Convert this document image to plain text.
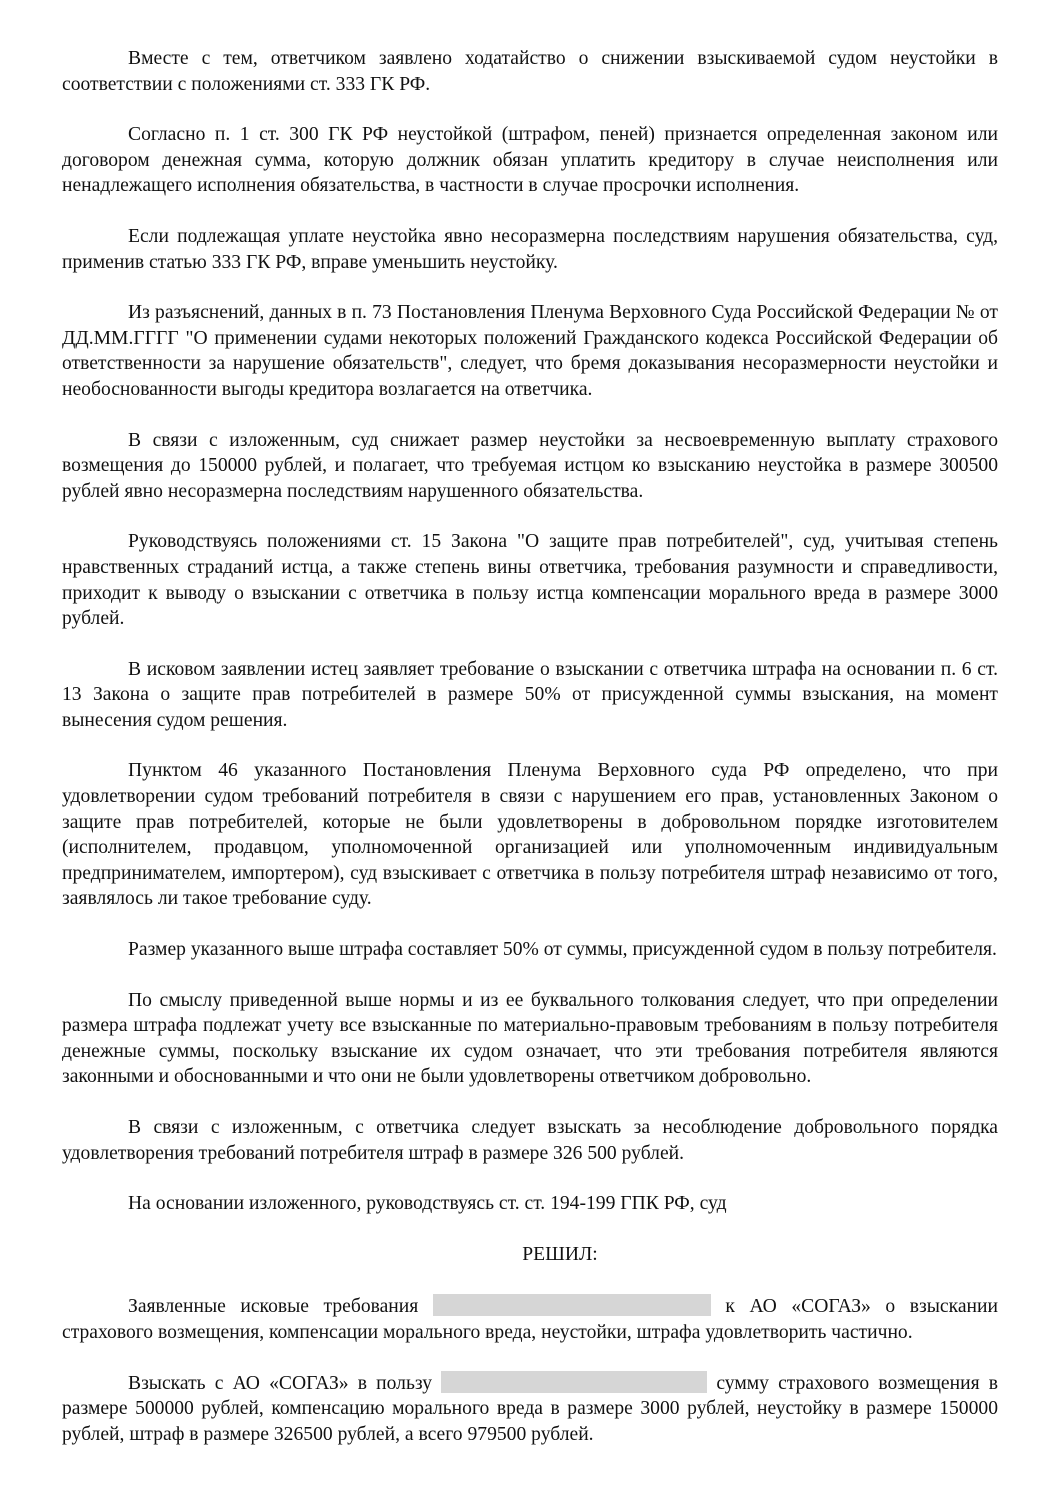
Вместе с тем, ответчиком заявлено ходатайство о снижении взыскиваемой судом неустойки в соответствии с положениями ст. 333 ГК РФ.

Согласно п. 1 ст. 300 ГК РФ неустойкой (штрафом, пеней) признается определенная законом или договором денежная сумма, которую должник обязан уплатить кредитору в случае неисполнения или ненадлежащего исполнения обязательства, в частности в случае просрочки исполнения.

Если подлежащая уплате неустойка явно несоразмерна последствиям нарушения обязательства, суд, применив статью 333 ГК РФ, вправе уменьшить неустойку.

Из разъяснений, данных в п. 73 Постановления Пленума Верховного Суда Российской Федерации № от ДД.ММ.ГГГГ "О применении судами некоторых положений Гражданского кодекса Российской Федерации об ответственности за нарушение обязательств", следует, что бремя доказывания несоразмерности неустойки и необоснованности выгоды кредитора возлагается на ответчика.

В связи с изложенным, суд снижает размер неустойки за несвоевременную выплату страхового возмещения до 150000 рублей, и полагает, что требуемая истцом ко взысканию неустойка в размере 300500 рублей явно несоразмерна последствиям нарушенного обязательства.

Руководствуясь положениями ст. 15 Закона "О защите прав потребителей", суд, учитывая степень нравственных страданий истца, а также степень вины ответчика, требования разумности и справедливости, приходит к выводу о взыскании с ответчика в пользу истца компенсации морального вреда в размере 3000 рублей.

В исковом заявлении истец заявляет требование о взыскании с ответчика штрафа на основании п. 6 ст. 13 Закона о защите прав потребителей в размере 50% от присужденной суммы взыскания, на момент вынесения судом решения.

Пунктом 46 указанного Постановления Пленума Верховного суда РФ определено, что при удовлетворении судом требований потребителя в связи с нарушением его прав, установленных Законом о защите прав потребителей, которые не были удовлетворены в добровольном порядке изготовителем (исполнителем, продавцом, уполномоченной организацией или уполномоченным индивидуальным предпринимателем, импортером), суд взыскивает с ответчика в пользу потребителя штраф независимо от того, заявлялось ли такое требование суду.

Размер указанного выше штрафа составляет 50% от суммы, присужденной судом в пользу потребителя.

По смыслу приведенной выше нормы и из ее буквального толкования следует, что при определении размера штрафа подлежат учету все взысканные по материально-правовым требованиям в пользу потребителя денежные суммы, поскольку взыскание их судом означает, что эти требования потребителя являются законными и обоснованными и что они не были удовлетворены ответчиком добровольно.

В связи с изложенным, с ответчика следует взыскать за несоблюдение добровольного порядка удовлетворения требований потребителя штраф в размере 326 500 рублей.

На основании изложенного, руководствуясь ст. ст. 194-199 ГПК РФ, суд

РЕШИЛ:

Заявленные исковые требования	к АО «СОГАЗ» о взыскании страхового возмещения, компенсации морального вреда, неустойки, штрафа удовлетворить частично.

Взыскать с АО «СОГАЗ» в пользу	сумму страхового возмещения в размере 500000 рублей, компенсацию морального вреда в размере 3000 рублей, неустойку в размере 150000 рублей, штраф в размере 326500 рублей, а всего 979500 рублей.
